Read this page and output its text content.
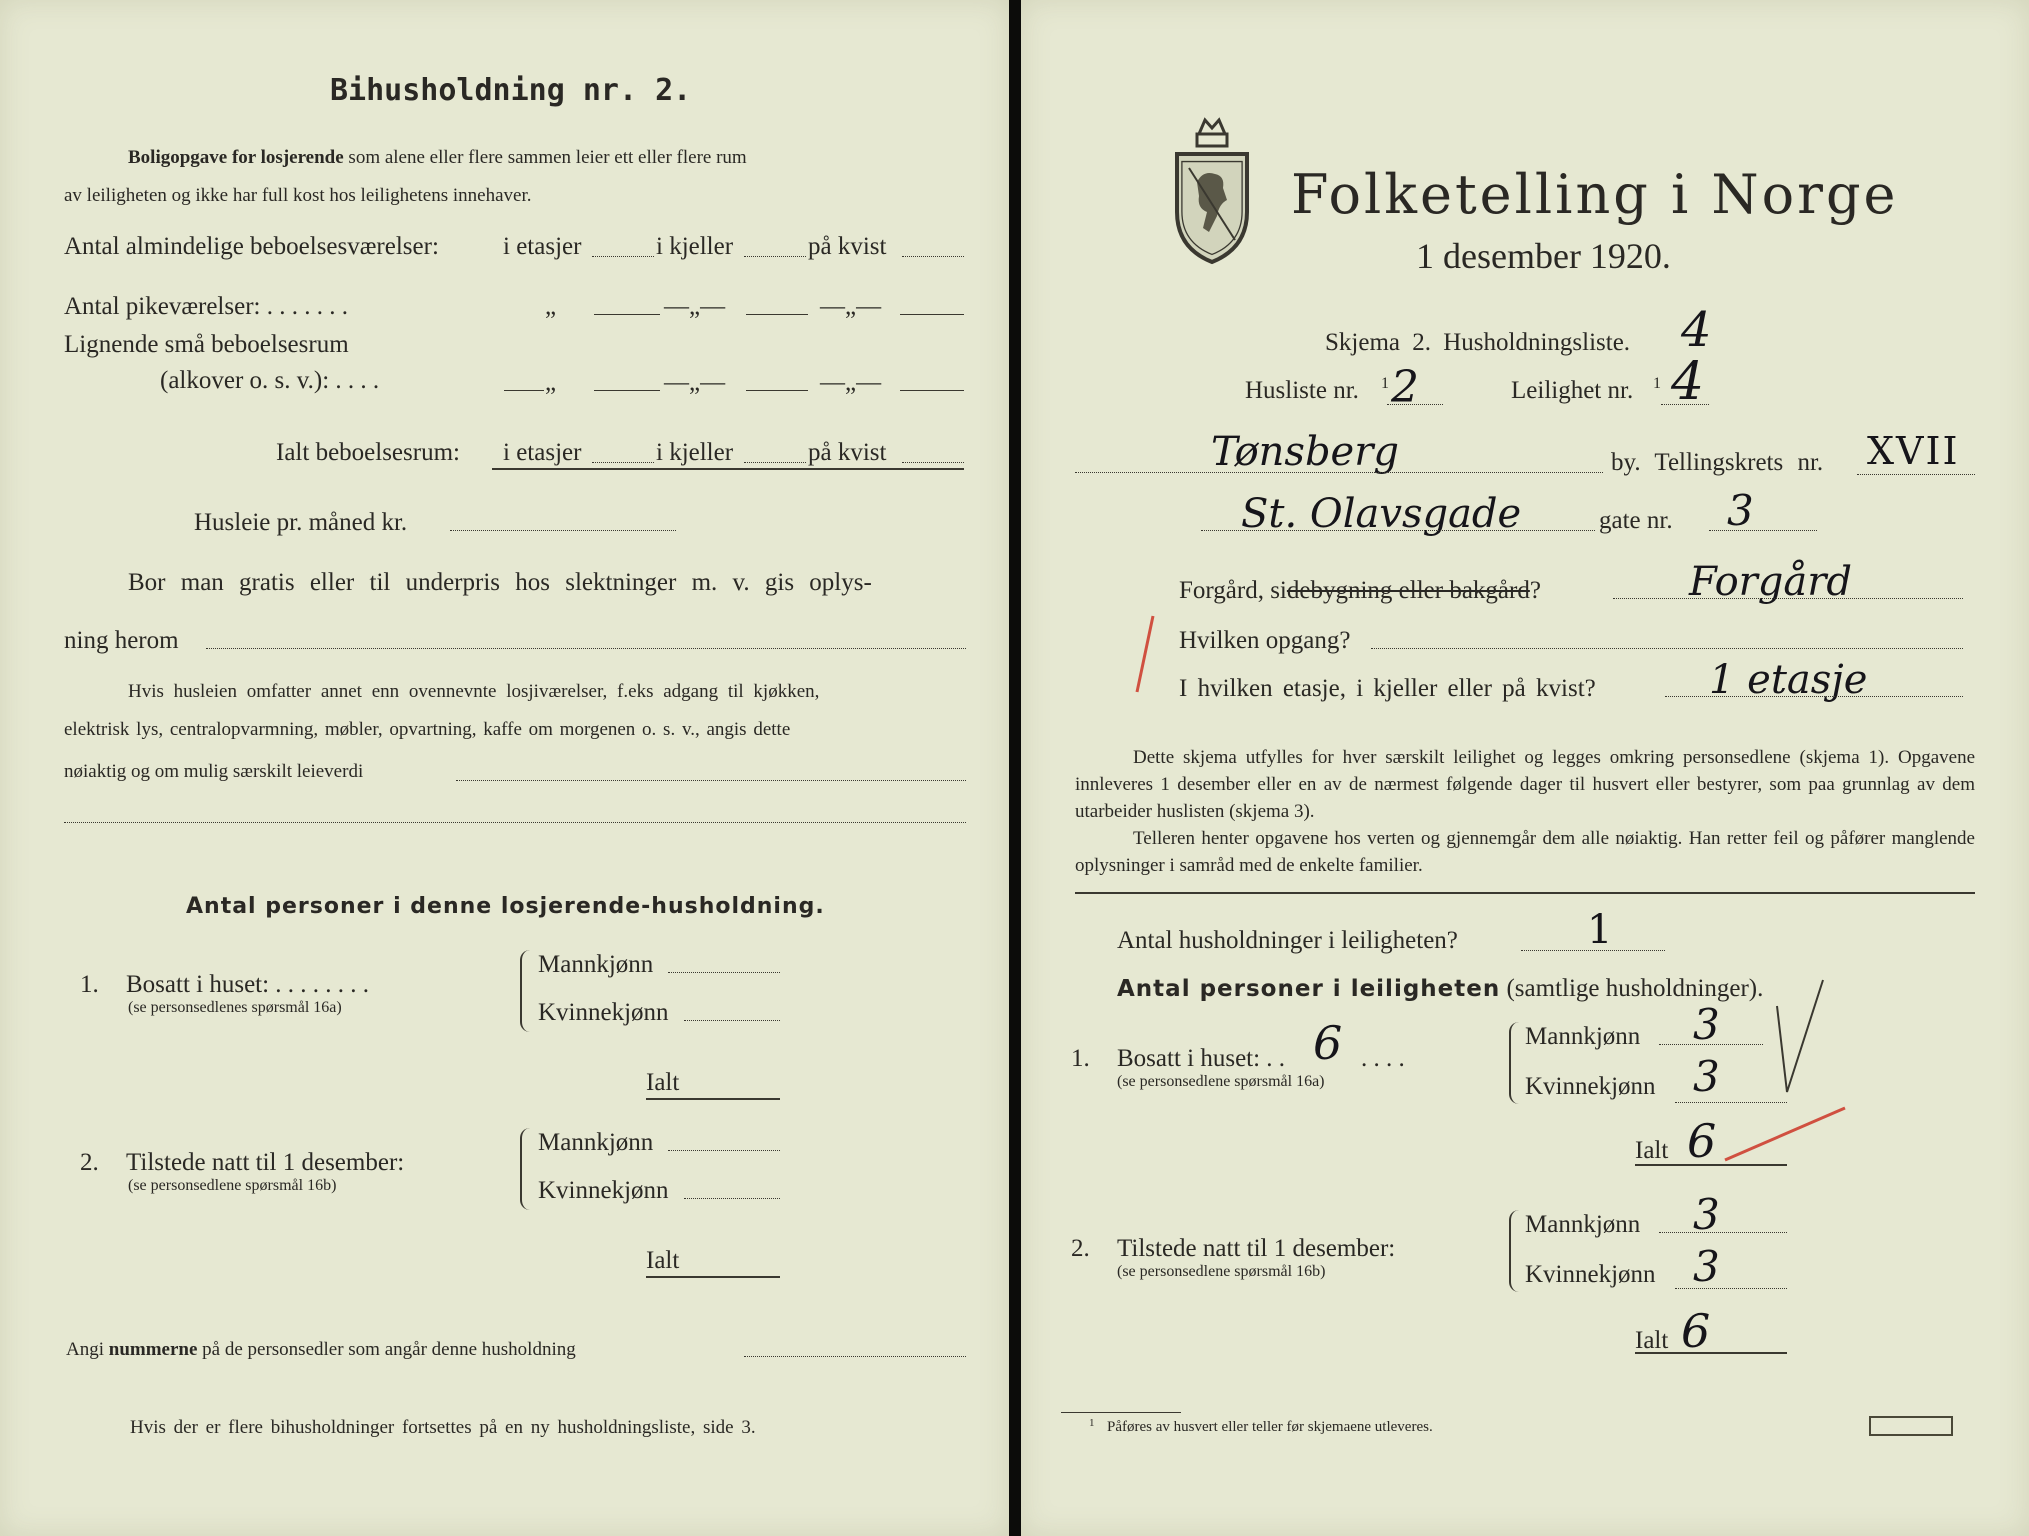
Bihusholdning nr. 2.
Boligopgave for losjerende som alene eller flere sammen leier ett eller flere rum
av leiligheten og ikke har full kost hos leilighetens innehaver.
Antal almindelige beboelsesværelser:	i etasjer	i kjeller	på kvist
Antal pikeværelser: . . . . . . .	„	—„—	—„—
Lignende små beboelsesrum
(alkover o. s. v.): . . . .	„	—„—	—„—
Ialt beboelsesrum: i etasjer	i kjeller	på kvist
Husleie pr. måned kr.
Bor man gratis eller til underpris hos slektninger m. v. gis oplys-
ning herom
Hvis husleien omfatter annet enn ovennevnte losjiværelser, f.eks adgang til kjøkken,
elektrisk lys, centralopvarmning, møbler, opvartning, kaffe om morgenen o. s. v., angis dette
nøiaktig og om mulig særskilt leieverdi
Antal personer i denne losjerende-husholdning.
1. Bosatt i huset: . . . . . . . .
(se personsedlenes spørsmål 16a)
Mannkjønn
Kvinnekjønn
Ialt
2. Tilstede natt til 1 desember:
(se personsedlene spørsmål 16b)
Mannkjønn
Kvinnekjønn
Ialt
Angi nummerne på de personsedler som angår denne husholdning
Hvis der er flere bihusholdninger fortsettes på en ny husholdningsliste, side 3.
Folketelling i Norge
1 desember 1920.
Skjema 2. Husholdningsliste. 4
Husliste nr. 1 2	Leilighet nr. 1 4
Tønsberg	by. Tellingskrets nr. XVII
St. Olavsgade	gate nr. 3
Forgård, sidebygning eller bakgård?	Forgård
Hvilken opgang?
I hvilken etasje, i kjeller eller på kvist?	1 etasje
Dette skjema utfylles for hver særskilt leilighet og legges omkring personsedlene (skjema 1). Opgavene innleveres 1 desember eller en av de nærmest følgende dager til husvert eller bestyrer, som paa grunnlag av dem utarbeider huslisten (skjema 3).
Telleren henter opgavene hos verten og gjennemgår dem alle nøiaktig. Han retter feil og påfører manglende oplysninger i samråd med de enkelte familier.
Antal husholdninger i leiligheten?	1
Antal personer i leiligheten (samtlige husholdninger).
1. Bosatt i huset: . . 6 . . . .
(se personsedlene spørsmål 16a)
Mannkjønn 3
Kvinnekjønn 3
Ialt 6
2. Tilstede natt til 1 desember:
(se personsedlene spørsmål 16b)
Mannkjønn 3
Kvinnekjønn 3
Ialt 6
1 Påføres av husvert eller teller før skjemaene utleveres.
